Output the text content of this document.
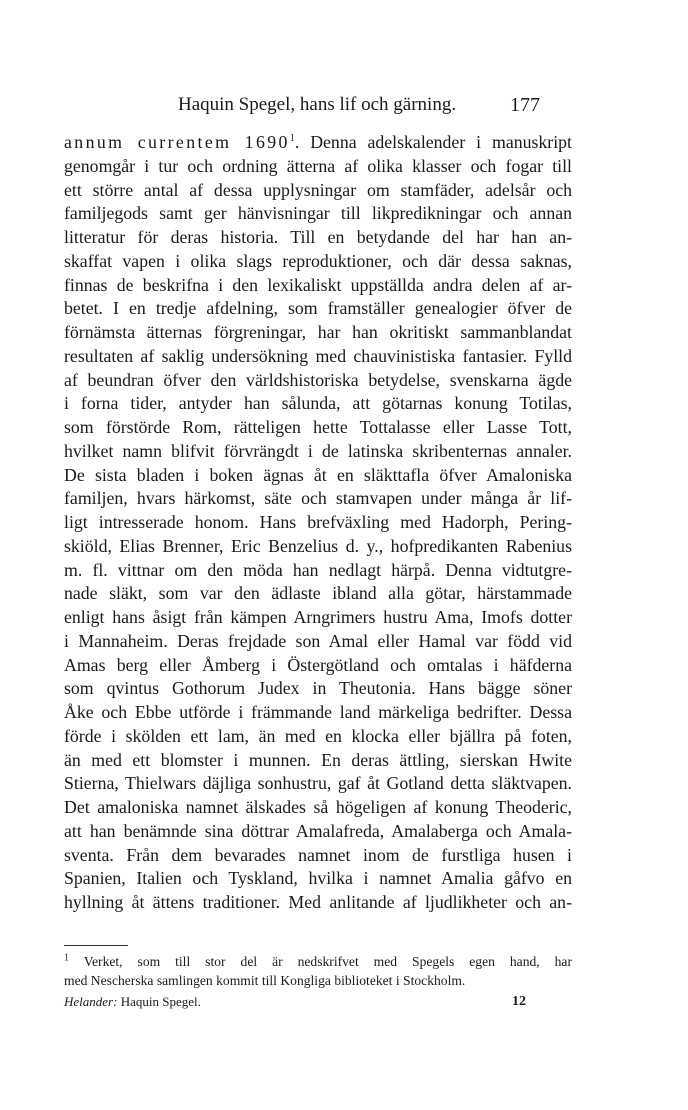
Haquin Spegel, hans lif och gärning.	177
annum currentem 1690$^1$. Denna adelskalender i manuskript
genomgår i tur och ordning ätterna af olika klasser och fogar till
ett större antal af dessa upplysningar om stamfäder, adelsår och
familjegods samt ger hänvisningar till likpredikningar och annan
litteratur för deras historia. Till en betydande del har han an-
skaffat vapen i olika slags reproduktioner, och där dessa saknas,
finnas de beskrifna i den lexikaliskt uppställda andra delen af ar-
betet. I en tredje afdelning, som framställer genealogier öfver de
förnämsta ätternas förgreningar, har han okritiskt sammanblandat
resultaten af saklig undersökning med chauvinistiska fantasier. Fylld
af beundran öfver den världshistoriska betydelse, svenskarna ägde
i forna tider, antyder han sålunda, att götarnas konung Totilas,
som förstörde Rom, rätteligen hette Tottalasse eller Lasse Tott,
hvilket namn blifvit förvrängdt i de latinska skribenternas annaler.
De sista bladen i boken ägnas åt en släkttafla öfver Amaloniska
familjen, hvars härkomst, säte och stamvapen under många år lif-
ligt intresserade honom. Hans brefväxling med Hadorph, Pering-
skiöld, Elias Brenner, Eric Benzelius d. y., hofpredikanten Rabenius
m. fl. vittnar om den möda han nedlagt härpå. Denna vidtutgre-
nade släkt, som var den ädlaste ibland alla götar, härstammade
enligt hans åsigt från kämpen Arngrimers hustru Ama, Imofs dotter
i Mannaheim. Deras frejdade son Amal eller Hamal var född vid
Amas berg eller Åmberg i Östergötland och omtalas i häfderna
som qvintus Gothorum Judex in Theutonia. Hans bägge söner
Åke och Ebbe utförde i främmande land märkeliga bedrifter. Dessa
förde i skölden ett lam, än med en klocka eller bjällra på foten,
än med ett blomster i munnen. En deras ättling, sierskan Hwite
Stierna, Thielwars däjliga sonhustru, gaf åt Gotland detta släktvapen.
Det amaloniska namnet älskades så högeligen af konung Theoderic,
att han benämnde sina döttrar Amalafreda, Amalaberga och Amala-
sventa. Från dem bevarades namnet inom de furstliga husen i
Spanien, Italien och Tyskland, hvilka i namnet Amalia gåfvo en
hyllning åt ättens traditioner. Med anlitande af ljudlikheter och an-
$^1$ Verket, som till stor del är nedskrifvet med Spegels egen hand, har
med Nescherska samlingen kommit till Kongliga biblioteket i Stockholm.
Helander: Haquin Spegel.	12
